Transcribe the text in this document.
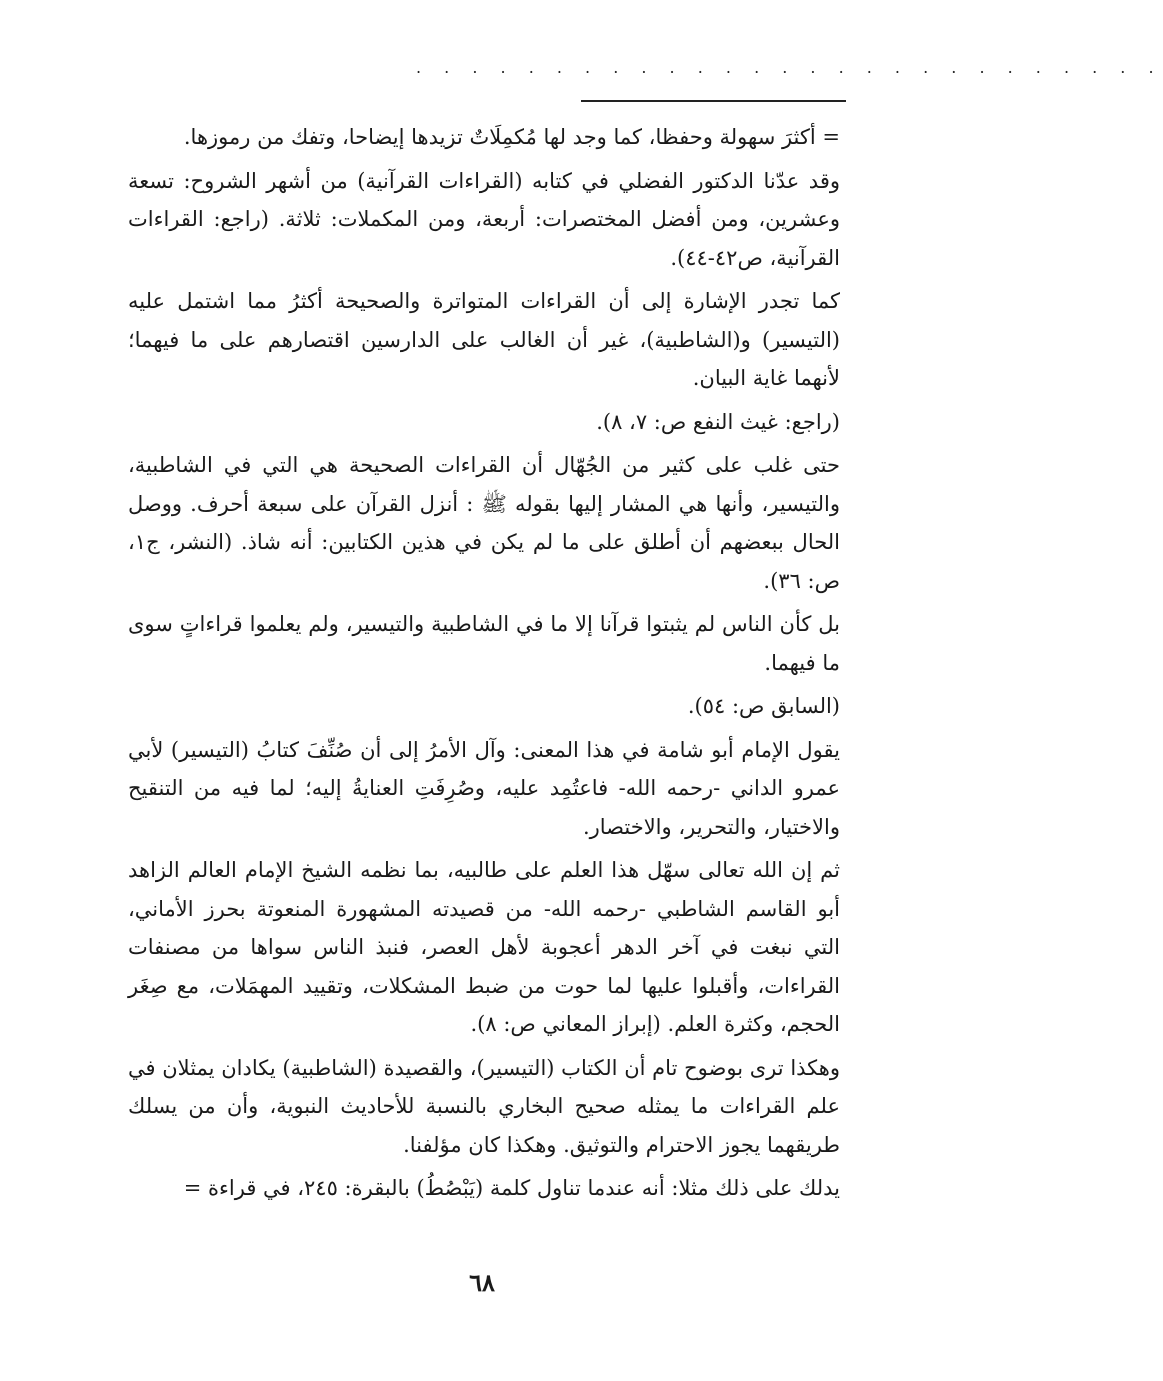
. . . . . . . . . . . . . . . . . . . . . . . . . . .

= أكثرَ سهولة وحفظا، كما وجد لها مُكمِلَاتٌ تزيدها إيضاحا، وتفك من رموزها.

وقد عدّنا الدكتور الفضلي في كتابه (القراءات القرآنية) من أشهر الشروح: تسعة وعشرين، ومن أفضل المختصرات: أربعة، ومن المكملات: ثلاثة. (راجع: القراءات القرآنية، ص٤٢-٤٤).

كما تجدر الإشارة إلى أن القراءات المتواترة والصحيحة أكثرُ مما اشتمل عليه (التيسير) و(الشاطبية)، غير أن الغالب على الدارسين اقتصارهم على ما فيهما؛ لأنهما غاية البيان.

(راجع: غيث النفع ص: ٧، ٨).

حتى غلب على كثير من الجُهّال أن القراءات الصحيحة هي التي في الشاطبية، والتيسير، وأنها هي المشار إليها بقوله ﷺ : أنزل القرآن على سبعة أحرف. ووصل الحال ببعضهم أن أطلق على ما لم يكن في هذين الكتابين: أنه شاذ. (النشر، ج١، ص: ٣٦).

بل كأن الناس لم يثبتوا قرآنا إلا ما في الشاطبية والتيسير، ولم يعلموا قراءاتٍ سوى ما فيهما.

(السابق ص: ٥٤).

يقول الإمام أبو شامة في هذا المعنى: وآل الأمرُ إلى أن صُنِّفَ كتابُ (التيسير) لأبي عمرو الداني -رحمه الله- فاعتُمِد عليه، وصُرِفَتِ العنايةُ إليه؛ لما فيه من التنقيح والاختيار، والتحرير، والاختصار.

ثم إن الله تعالى سهّل هذا العلم على طالبيه، بما نظمه الشيخ الإمام العالم الزاهد أبو القاسم الشاطبي -رحمه الله- من قصيدته المشهورة المنعوتة بحرز الأماني، التي نبغت في آخر الدهر أعجوبة لأهل العصر، فنبذ الناس سواها من مصنفات القراءات، وأقبلوا عليها لما حوت من ضبط المشكلات، وتقييد المهمَلات، مع صِغَر الحجم، وكثرة العلم. (إبراز المعاني ص: ٨).

وهكذا ترى بوضوح تام أن الكتاب (التيسير)، والقصيدة (الشاطبية) يكادان يمثلان في علم القراءات ما يمثله صحيح البخاري بالنسبة للأحاديث النبوية، وأن من يسلك طريقهما يجوز الاحترام والتوثيق. وهكذا كان مؤلفنا.

يدلك على ذلك مثلا: أنه عندما تناول كلمة (يَبْصُطُ) بالبقرة: ٢٤٥، في قراءة =

٦٨
